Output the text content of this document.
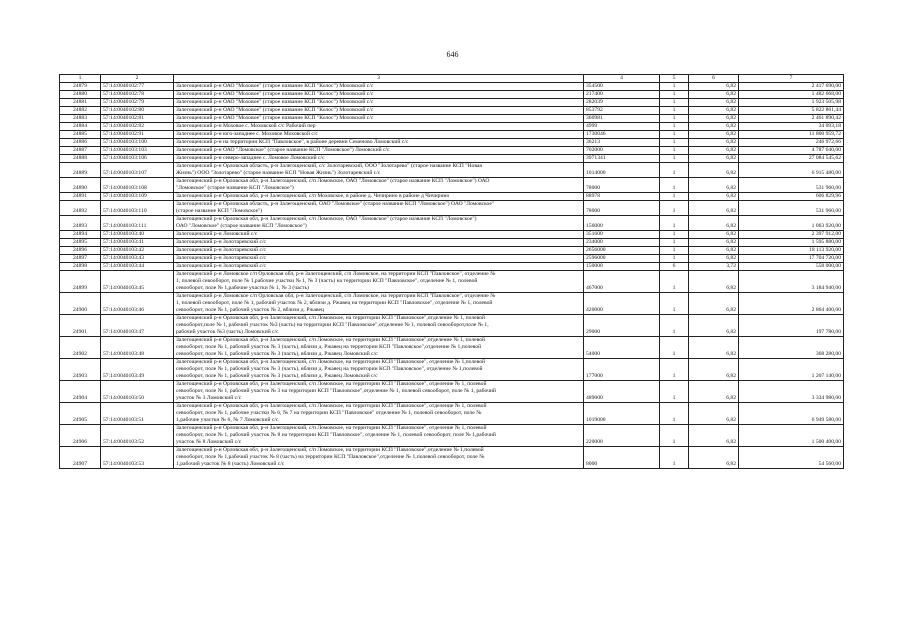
646
1	2	3	4	5	6	7
24879	57:14:0040102:77	Залегощенский р-н ОАО "Моховое" (старое название КСП "Колос") Моховской с/с	354500	1	6,82	2 417 690,00
24880	57:14:0040102:78	Залегощенский р-н ОАО "Моховое" (старое название КСП "Колос") Моховской с/с	217400	1	6,82	1 482 668,00
24881	57:14:0040102:79	Залегощенский р-н ОАО "Моховое" (старое название КСП "Колос") Моховской с/с	282039	1	6,82	1 923 505,98
24882	57:14:0040102:80	Залегощенский р-н ОАО "Моховое" (старое название КСП "Колос") Моховской с/с	853792	1	6,82	5 822 861,44
24883	57:14:0040102:81	Залегощенский р-н ОАО "Моховое" (старое название КСП "Колос") Моховской с/с	360981	1	6,82	2 461 890,42
24884	57:14:0040102:82	Залегощенский р-н Моховое с. Моховской с/с Рабочий пер	4999	1	6,82	34 093,18
24885	57:14:0040102:91	Залегощенский р-н юго-западнее с. Моховое Моховской с/с	1730046	1	6,82	11 800 959,72
24886	57:14:0040103:100	Залегощенский р-н на территории КСП "Павловское", в районе деревни Семеново Ломовский с/с	36213	1	6,82	246 972,66
24887	57:14:0040103:103	Залегощенский р-н ОАО "Ломовское" (старое название КСП "Ломовское") Ломовский с/с	702000	1	6,82	4 787 640,00
24888	57:14:0040103:106	Залегощенский р-н северо-западнее с. Ломовое Ломовский с/с	3971341	1	6,82	27 084 545,62
24889	57:14:0040103:107	Залегощенский р-н Орловская область, р-н Залегощенский, с/с Золотаревский, ООО "Золотарево" (старое название КСП "Новая
Жизнь") ООО "Золотарево" (старое название КСП "Новая Жизнь") Золотаревский с/с	1014000	1	6,82	6 915 480,00
24890	57:14:0040103:108	Залегощенский р-н Орловская обл, р-н Залегощенский, с/п Ломовское, ОАО "Ломовское" (старое название КСП "Ломовское") ОАО
"Ломовское" (старое название КСП "Ломовское")	78000	1	6,82	531 960,00
24891	57:14:0040103:109	Залегощенский р-н Орловская обл, р-н Залегощенский, с/п Моховское, в районе д. Чичирино в районе д Чичирино	88978	1	6,82	606 829,96
24892	57:14:0040103:110	Залегощенский р-н Орловская область, р-н Залегощенский, ОАО "Ломовское" (старое название КСП "Ломовское") ОАО "Ломовское"
(старое название КСП "Ломовское")	78000	1	6,82	531 960,00
24893	57:14:0040103:111	Залегощенский р-н Орловская обл, р-н Залегощенский, с/п Ломовское, ОАО "Ломовское" (старое название КСП "Ломовское")
ОАО "Ломовское" (старое название КСП "Ломовское")	156000	1	6,82	1 063 920,00
24894	57:14:0040103:40	Залегощенский р-н Ломовский с/с	351600	1	6,82	2 397 912,00
24895	57:14:0040103:41	Залегощенский р-н Золотаревский с/с	234000	1	6,82	1 595 880,00
24896	57:14:0040103:42	Залегощенский р-н Золотаревский с/с	2656000	1	6,82	18 113 920,00
24897	57:14:0040103:43	Залегощенский р-н Золотаревский с/с	2596000	1	6,82	17 704 720,00
24898	57:14:0040103:44	Залегощенский р-н Золотаревский с/с	150000	6	3,72	558 000,00
24899	57:14:0040103:45	Залегощенский р-н Ломовское с/п Орловская обл, р-н Залегощенский, с/п Ломовское, на территории КСП "Павловское", отделение №
1, полевой севооборот, поле № 1,рабочие участки № 1, № 3 (часть) на территории КСП "Павловское", отделение № 1, полевой
севооборот, поле № 1,рабочие участки № 1, № 3 (часть)	467000	1	6,82	3 184 940,00
24900	57:14:0040103:46	Залегощенский р-н Ломовское с/п Орловская обл, р-н Залегощенский, с/п Ломовское, на территории КСП "Павловское", отделение №
1, полевой севооборот, поле № 1, рабочий участок № 2, вблизи д. Ржавец на территории КСП "Павловское", отделение № 1, полевой
севооборот, поле № 1, рабочий участок № 2, вблизи д. Ржавец	420000	1	6,82	2 864 400,00
24901	57:14:0040103:47	Залегощенский р-н Орловская обл, р-н Залегощенский, с/п Ломовское, на территории КСП "Павловское",отделение № 1, полевой
севооборот,поле № 1, рабочий участок №3 (часть) на территории КСП "Павловское",отделение № 1, полевой севооборот,поле № 1,
рабочий участок №3 (часть) Ломовский с/с	29000	1	6,82	197 780,00
24902	57:14:0040103:48	Залегощенский р-н Орловская обл, р-н Залегощенский, с/п Ломовское, на территории КСП "Павловское",отделение № 1, полевой
севооборот, поле № 1, рабочий участок № 3 (часть), вблизи д. Ржавец на территории КСП "Павловское",отделение № 1,полевой
севооборот, поле № 1, рабочий участок № 3 (часть), вблизи д. Ржавец Ломовский с/с	54000	1	6,82	368 280,00
24903	57:14:0040103:49	Залегощенский р-н Орловская обл, р-н Залегощенский, с/п Ломовское, на территории КСП "Павловское", отделение № 1,полевой
севооборот, поле № 1, рабочий участок № 3 (часть), вблизи д. Ржавец на территории КСП "Павловское", отделение № 1,полевой
севооборот, поле № 1, рабочий участок № 3 (часть), вблизи д. Ржавец Ломовский с/с	177000	1	6,82	1 207 140,00
24904	57:14:0040103:50	Залегощенский р-н Орловская обл, р-н Залегощенский, с/п Ломовское, на территории КСП "Павловское", отделение № 1, полевой
севооборот, поле № 1, рабочий участок № 3 на территории КСП "Павловское",отделение № 1, полевой севооборот, поле № 1, рабочий
участок № 3 Ломовский с/с	489000	1	6,82	3 334 980,00
24905	57:14:0040103:51	Залегощенский р-н Орловская обл, р-н Залегощенский, с/п Ломовское, на территории КСП "Павловское", отделение № 1, полевой
севооборот, поле № 1, рабочие участки № 6, № 7 на территории КСП "Павловское" отделение № 1, полевой севооборот, поле №
1,рабочие участки № 6, № 7 Ломовский с/с	1019000	1	6,82	6 949 580,00
24906	57:14:0040103:52	Залегощенский р-н Орловская обл, р-н Залегощенский, с/п Ломовское, на территории КСП "Павловское", отделение № 1, полевой
севооборот, поле № 1, рабочий участок № 8 на территории КСП "Павловское", отделение № 1, полевой севооборот, поле № 1,рабочий
участок № 8 Ломовский с/с	220000	1	6,82	1 500 400,00
24907	57:14:0040103:53	Залегощенский р-н Орловская обл, р-н Залегощенский, с/п Ломовское, на территории КСП "Павловское",отделение № 1,полевой
севооборот, поле № 1,рабочий участок № 8 (часть) на территории КСП "Павловское",отделение № 1,полевой севооборот, поле №
1,рабочий участок № 8 (часть) Ломовский с/с	8000	1	6,82	54 560,00
